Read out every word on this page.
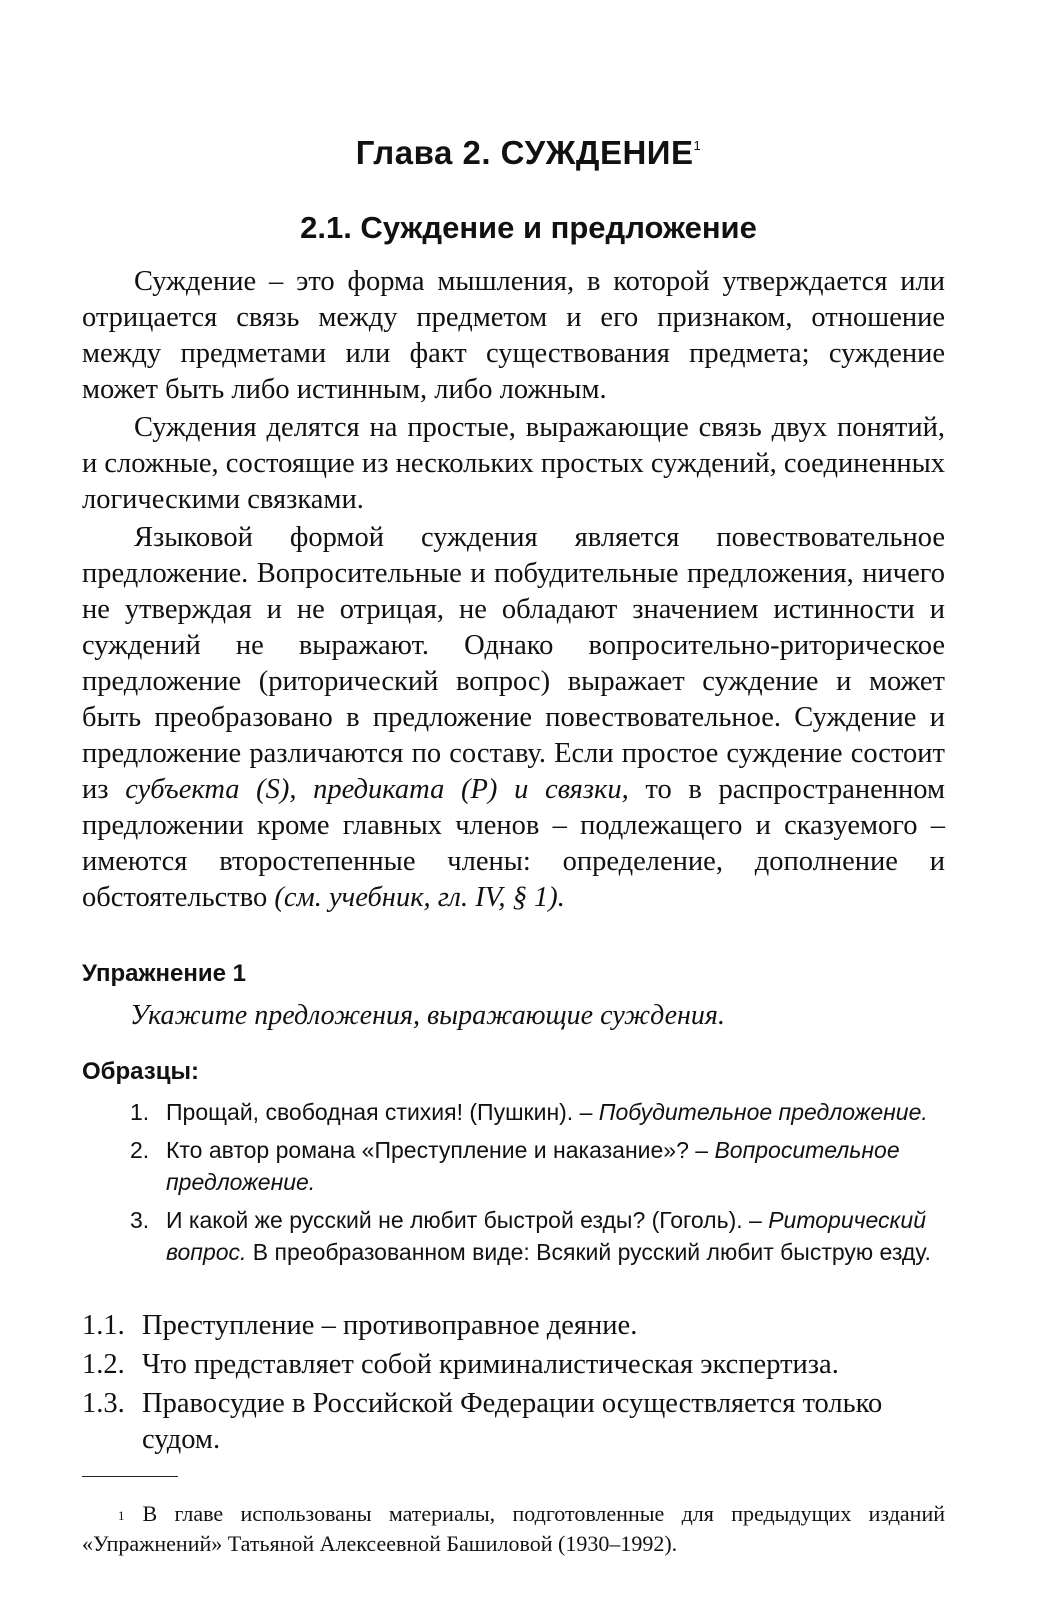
Глава 2. СУЖДЕНИЕ$^1$
2.1. Суждение и предложение

Суждение – это форма мышления, в которой утверждается или отрицается связь между предметом и его признаком, отношение между предметами или факт существования предмета; суждение может быть либо истинным, либо ложным.

Суждения делятся на простые, выражающие связь двух понятий, и сложные, состоящие из нескольких простых суждений, соединенных логическими связками.

Языковой формой суждения является повествовательное предложение. Вопросительные и побудительные предложения, ничего не утверждая и не отрицая, не обладают значением истинности и суждений не выражают. Однако вопросительно-риторическое предложение (риторический вопрос) выражает суждение и может быть преобразовано в предложение повествовательное. Суждение и предложение различаются по составу. Если простое суждение состоит из субъекта (S), предиката (P) и связки, то в распространенном предложении кроме главных членов – подлежащего и сказуемого – имеются второстепенные члены: определение, дополнение и обстоятельство (см. учебник, гл. IV, § 1).

Упражнение 1
Укажите предложения, выражающие суждения.
Образцы:
1. Прощай, свободная стихия! (Пушкин). – Побудительное предложение.
2. Кто автор романа «Преступление и наказание»? – Вопросительное предложение.
3. И какой же русский не любит быстрой езды? (Гоголь). – Риторический вопрос. В преобразованном виде: Всякий русский любит быструю езду.
1.1. Преступление – противоправное деяние.
1.2. Что представляет собой криминалистическая экспертиза.
1.3. Правосудие в Российской Федерации осуществляется только судом.

$^1$ В главе использованы материалы, подготовленные для предыдущих изданий «Упражнений» Татьяной Алексеевной Башиловой (1930–1992).
